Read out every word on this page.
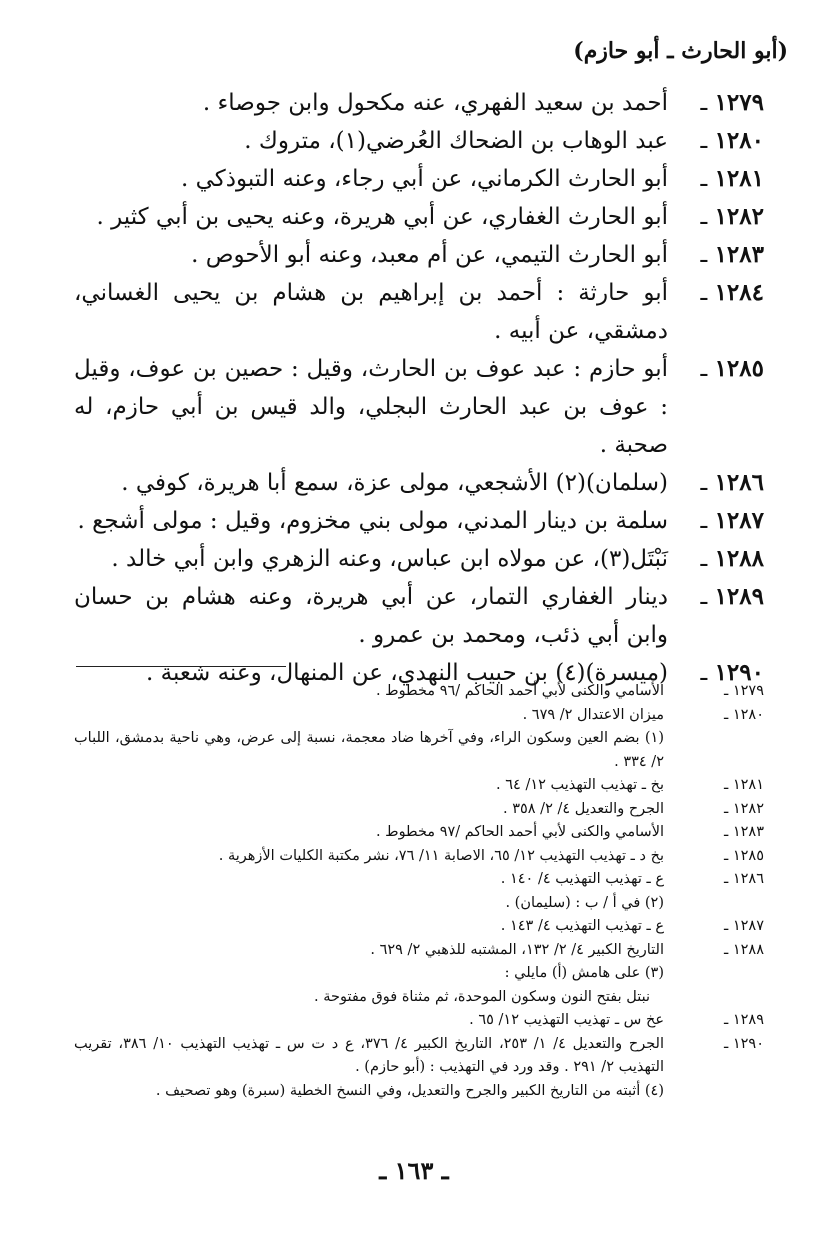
(أبو الحارث ـ أبو حازم)
١٢٧٩ ـ
أحمد بن سعيد الفهري، عنه مكحول وابن جوصاء .
١٢٨٠ ـ
عبد الوهاب بن الضحاك العُرضي(١)، متروك .
١٢٨١ ـ
أبو الحارث الكرماني، عن أبي رجاء، وعنه التبوذكي .
١٢٨٢ ـ
أبو الحارث الغفاري، عن أبي هريرة، وعنه يحيى بن أبي كثير .
١٢٨٣ ـ
أبو الحارث التيمي، عن أم معبد، وعنه أبو الأحوص .
١٢٨٤ ـ
أبو حارثة : أحمد بن إبراهيم بن هشام بن يحيى الغساني، دمشقي، عن أبيه .
١٢٨٥ ـ
أبو حازم : عبد عوف بن الحارث، وقيل : حصين بن عوف، وقيل : عوف بن عبد الحارث البجلي، والد قيس بن أبي حازم، له صحبة .
١٢٨٦ ـ
(سلمان)(٢) الأشجعي، مولى عزة، سمع أبا هريرة، كوفي .
١٢٨٧ ـ
سلمة بن دينار المدني، مولى بني مخزوم، وقيل : مولى أشجع .
١٢٨٨ ـ
نَبْتَل(٣)، عن مولاه ابن عباس، وعنه الزهري وابن أبي خالد .
١٢٨٩ ـ
دينار الغفاري التمار، عن أبي هريرة، وعنه هشام بن حسان وابن أبي ذئب، ومحمد بن عمرو .
١٢٩٠ ـ
(ميسرة)(٤) بن حبيب النهدي، عن المنهال، وعنه شعبة .
١٢٧٩ ـ
الأسامي والكنى لأبي أحمد الحاكم /٩٦ مخطوط .
١٢٨٠ ـ
ميزان الاعتدال ٢/ ٦٧٩ .
(١) بضم العين وسكون الراء، وفي آخرها ضاد معجمة، نسبة إلى عرض، وهي ناحية بدمشق، اللباب ٢/ ٣٣٤ .
١٢٨١ ـ
بخ ـ تهذيب التهذيب ١٢/ ٦٤ .
١٢٨٢ ـ
الجرح والتعديل ٤/ ٢/ ٣٥٨ .
١٢٨٣ ـ
الأسامي والكنى لأبي أحمد الحاكم /٩٧ مخطوط .
١٢٨٥ ـ
بخ د ـ تهذيب التهذيب ١٢/ ٦٥، الاصابة ١١/ ٧٦، نشر مكتبة الكليات الأزهرية .
١٢٨٦ ـ
ع ـ تهذيب التهذيب ٤/ ١٤٠ .
(٢) في أ / ب : (سليمان) .
١٢٨٧ ـ
ع ـ تهذيب التهذيب ٤/ ١٤٣ .
١٢٨٨ ـ
التاريخ الكبير ٤/ ٢/ ١٣٢، المشتبه للذهبي ٢/ ٦٢٩ .
(٣) على هامش (أ) مايلي :
نبتل بفتح النون وسكون الموحدة، ثم مثناة فوق مفتوحة .
١٢٨٩ ـ
عخ س ـ تهذيب التهذيب ١٢/ ٦٥ .
١٢٩٠ ـ
الجرح والتعديل ٤/ ١/ ٢٥٣، التاريخ الكبير ٤/ ٣٧٦، ع د ت س ـ تهذيب التهذيب ١٠/ ٣٨٦، تقريب التهذيب ٢/ ٢٩١ . وقد ورد في التهذيب : (أبو حازم) .
(٤) أثبته من التاريخ الكبير والجرح والتعديل، وفي النسخ الخطية (سبرة) وهو تصحيف .
ـ ١٦٣ ـ
